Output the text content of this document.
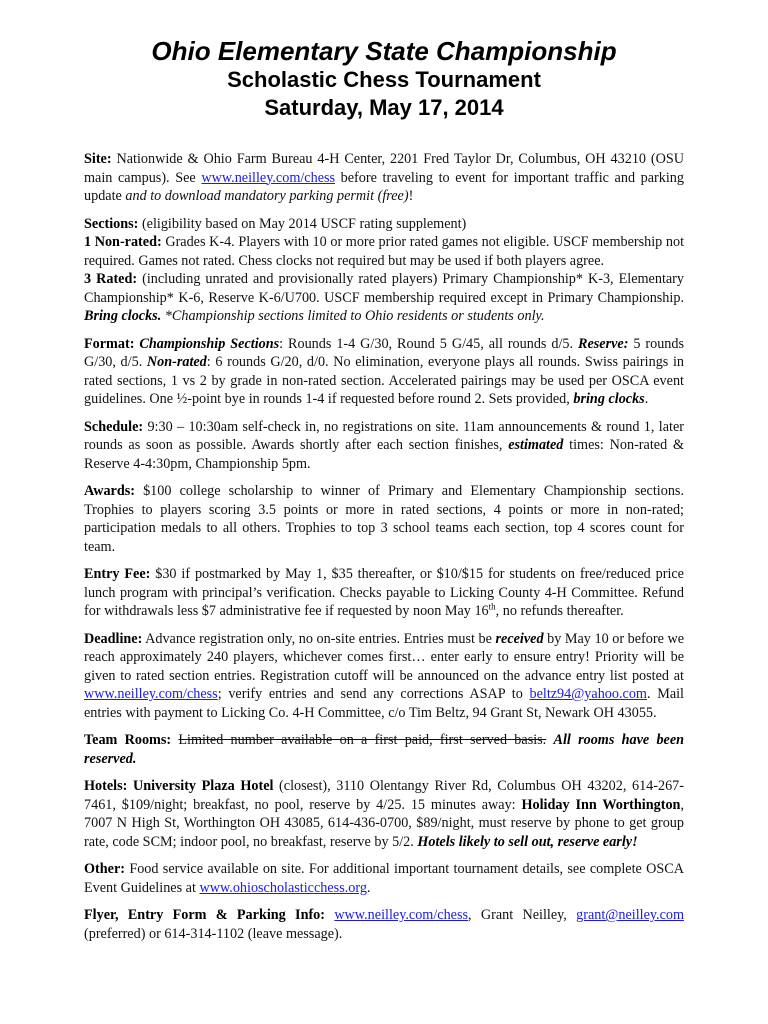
Ohio Elementary State Championship
Scholastic Chess Tournament
Saturday, May 17, 2014

Site: Nationwide & Ohio Farm Bureau 4-H Center, 2201 Fred Taylor Dr, Columbus, OH 43210 (OSU main campus). See www.neilley.com/chess before traveling to event for important traffic and parking update and to download mandatory parking permit (free)!

Sections: (eligibility based on May 2014 USCF rating supplement)

1 Non-rated: Grades K-4. Players with 10 or more prior rated games not eligible. USCF membership not required. Games not rated. Chess clocks not required but may be used if both players agree.

3 Rated: (including unrated and provisionally rated players) Primary Championship* K-3, Elementary Championship* K-6, Reserve K-6/U700. USCF membership required except in Primary Championship. Bring clocks. *Championship sections limited to Ohio residents or students only.

Format: Championship Sections: Rounds 1-4 G/30, Round 5 G/45, all rounds d/5. Reserve: 5 rounds G/30, d/5. Non-rated: 6 rounds G/20, d/0. No elimination, everyone plays all rounds. Swiss pairings in rated sections, 1 vs 2 by grade in non-rated section. Accelerated pairings may be used per OSCA event guidelines. One ½-point bye in rounds 1-4 if requested before round 2. Sets provided, bring clocks.

Schedule: 9:30 – 10:30am self-check in, no registrations on site. 11am announcements & round 1, later rounds as soon as possible. Awards shortly after each section finishes, estimated times: Non-rated & Reserve 4-4:30pm, Championship 5pm.

Awards: $100 college scholarship to winner of Primary and Elementary Championship sections. Trophies to players scoring 3.5 points or more in rated sections, 4 points or more in non-rated; participation medals to all others. Trophies to top 3 school teams each section, top 4 scores count for team.

Entry Fee: $30 if postmarked by May 1, $35 thereafter, or $10/$15 for students on free/reduced price lunch program with principal’s verification. Checks payable to Licking County 4-H Committee. Refund for withdrawals less $7 administrative fee if requested by noon May 16th, no refunds thereafter.

Deadline: Advance registration only, no on-site entries. Entries must be received by May 10 or before we reach approximately 240 players, whichever comes first… enter early to ensure entry! Priority will be given to rated section entries. Registration cutoff will be announced on the advance entry list posted at www.neilley.com/chess; verify entries and send any corrections ASAP to beltz94@yahoo.com. Mail entries with payment to Licking Co. 4-H Committee, c/o Tim Beltz, 94 Grant St, Newark OH 43055.

Team Rooms: Limited number available on a first paid, first served basis. All rooms have been reserved.

Hotels: University Plaza Hotel (closest), 3110 Olentangy River Rd, Columbus OH 43202, 614-267-7461, $109/night; breakfast, no pool, reserve by 4/25. 15 minutes away: Holiday Inn Worthington, 7007 N High St, Worthington OH 43085, 614-436-0700, $89/night, must reserve by phone to get group rate, code SCM; indoor pool, no breakfast, reserve by 5/2. Hotels likely to sell out, reserve early!

Other: Food service available on site. For additional important tournament details, see complete OSCA Event Guidelines at www.ohioscholasticchess.org.

Flyer, Entry Form & Parking Info: www.neilley.com/chess, Grant Neilley, grant@neilley.com (preferred) or 614-314-1102 (leave message).
